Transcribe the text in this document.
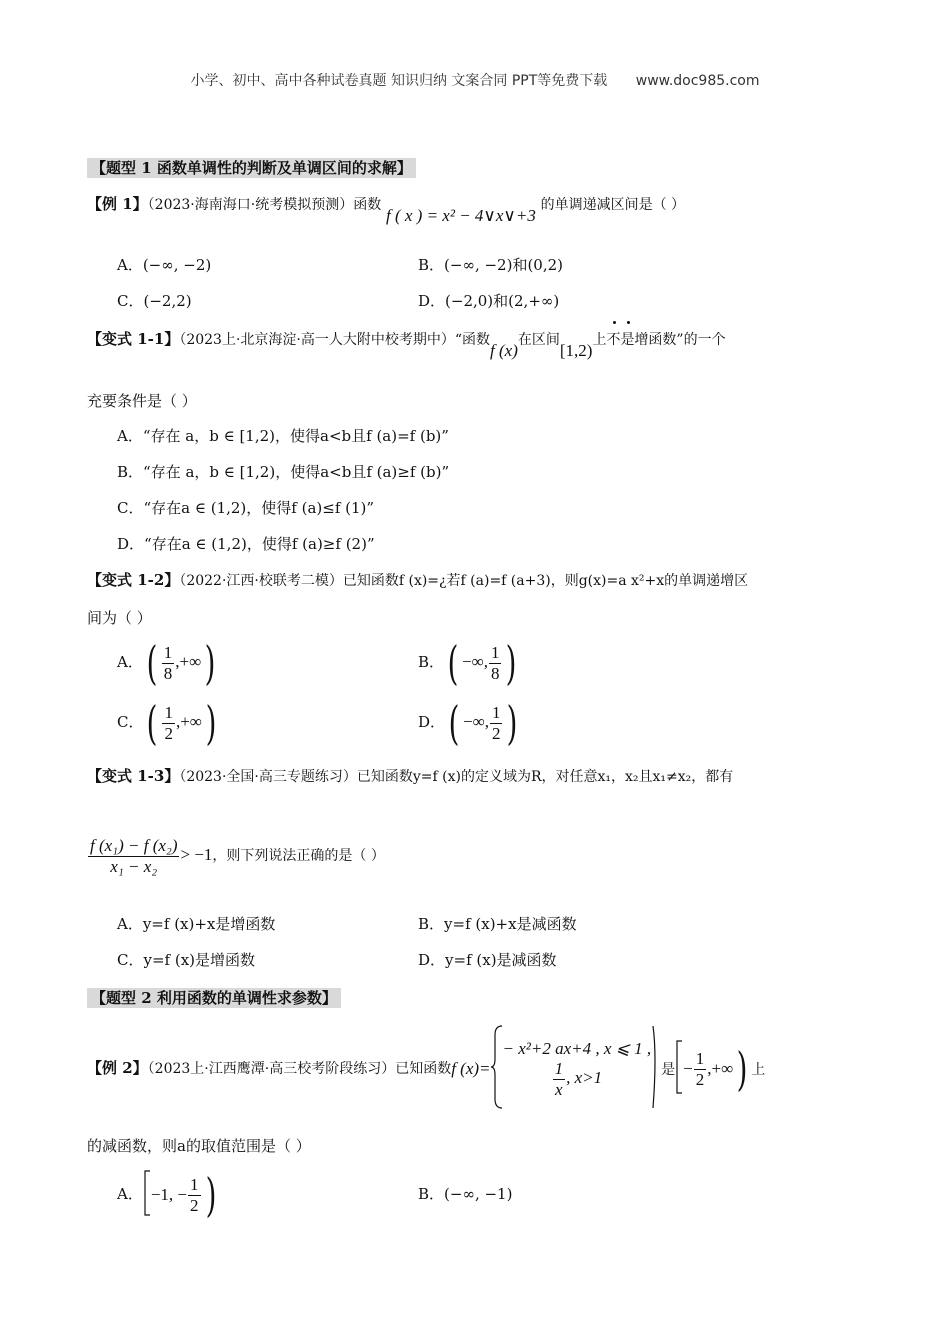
小学、初中、高中各种试卷真题 知识归纳 文案合同 PPT等免费下载 www.doc985.com
【题型 1 函数单调性的判断及单调区间的求解】
【例 1】（2023·海南海口·统考模拟预测）函数 f ( x ) = x² − 4∨x∨+3 的单调递减区间是（ ）
A．(−∞, −2)	B．(−∞, −2)和(0,2)
C．(−2,2)	D．(−2,0)和(2,+∞)
【变式 1-1】（2023上·北京海淀·高一人大附中校考期中）“函数f (x)在区间[1,2)上
不
是增函数”的一个
充要条件是（ ）
A．“存在 a，b ∈ [1,2)，使得a<b且f (a)=f (b)”
B．“存在 a，b ∈ [1,2)，使得a<b且f (a)≥f (b)”
C．“存在a ∈ (1,2)，使得f (a)≤f (1)”
D．“存在a ∈ (1,2)，使得f (a)≥f (2)”
【变式 1-2】（2022·江西·校联考二模）已知函数f (x)=¿若f (a)=f (a+3)，则g(x)=a x²+x的单调递增区
间为（ ）
A．( $\frac{1}{8}$ ,+∞)	B．( −∞, $\frac{1}{8}$ )
C．( $\frac{1}{2}$ ,+∞)	D．( −∞, $\frac{1}{2}$ )
【变式 1-3】（2023·全国·高三专题练习）已知函数y=f (x)的定义域为R，对任意x₁，x₂且x₁≠x₂，都有
$\frac{\text{f (x₁) − f (x₂)}}{\text{x₁ − x₂}} > -1$，则下列说法正确的是（ ）
A．y=f (x)+x是增函数	B．y=f (x)+x是减函数
C．y=f (x)是增函数	D．y=f (x)是减函数
【题型 2 利用函数的单调性求参数】
【例 2】（2023上·江西鹰潭·高三校考阶段练习）已知函数f (x)=
− x²+2 ax+4 , x ⩽ 1 ,
$\frac{1}{x}$ , x>1	是 − $\frac{1}{2}$ ,+∞) 上
的减函数，则a的取值范围是（ ）
A． −1, − $\frac{1}{2}$ )	B．(−∞, −1)
